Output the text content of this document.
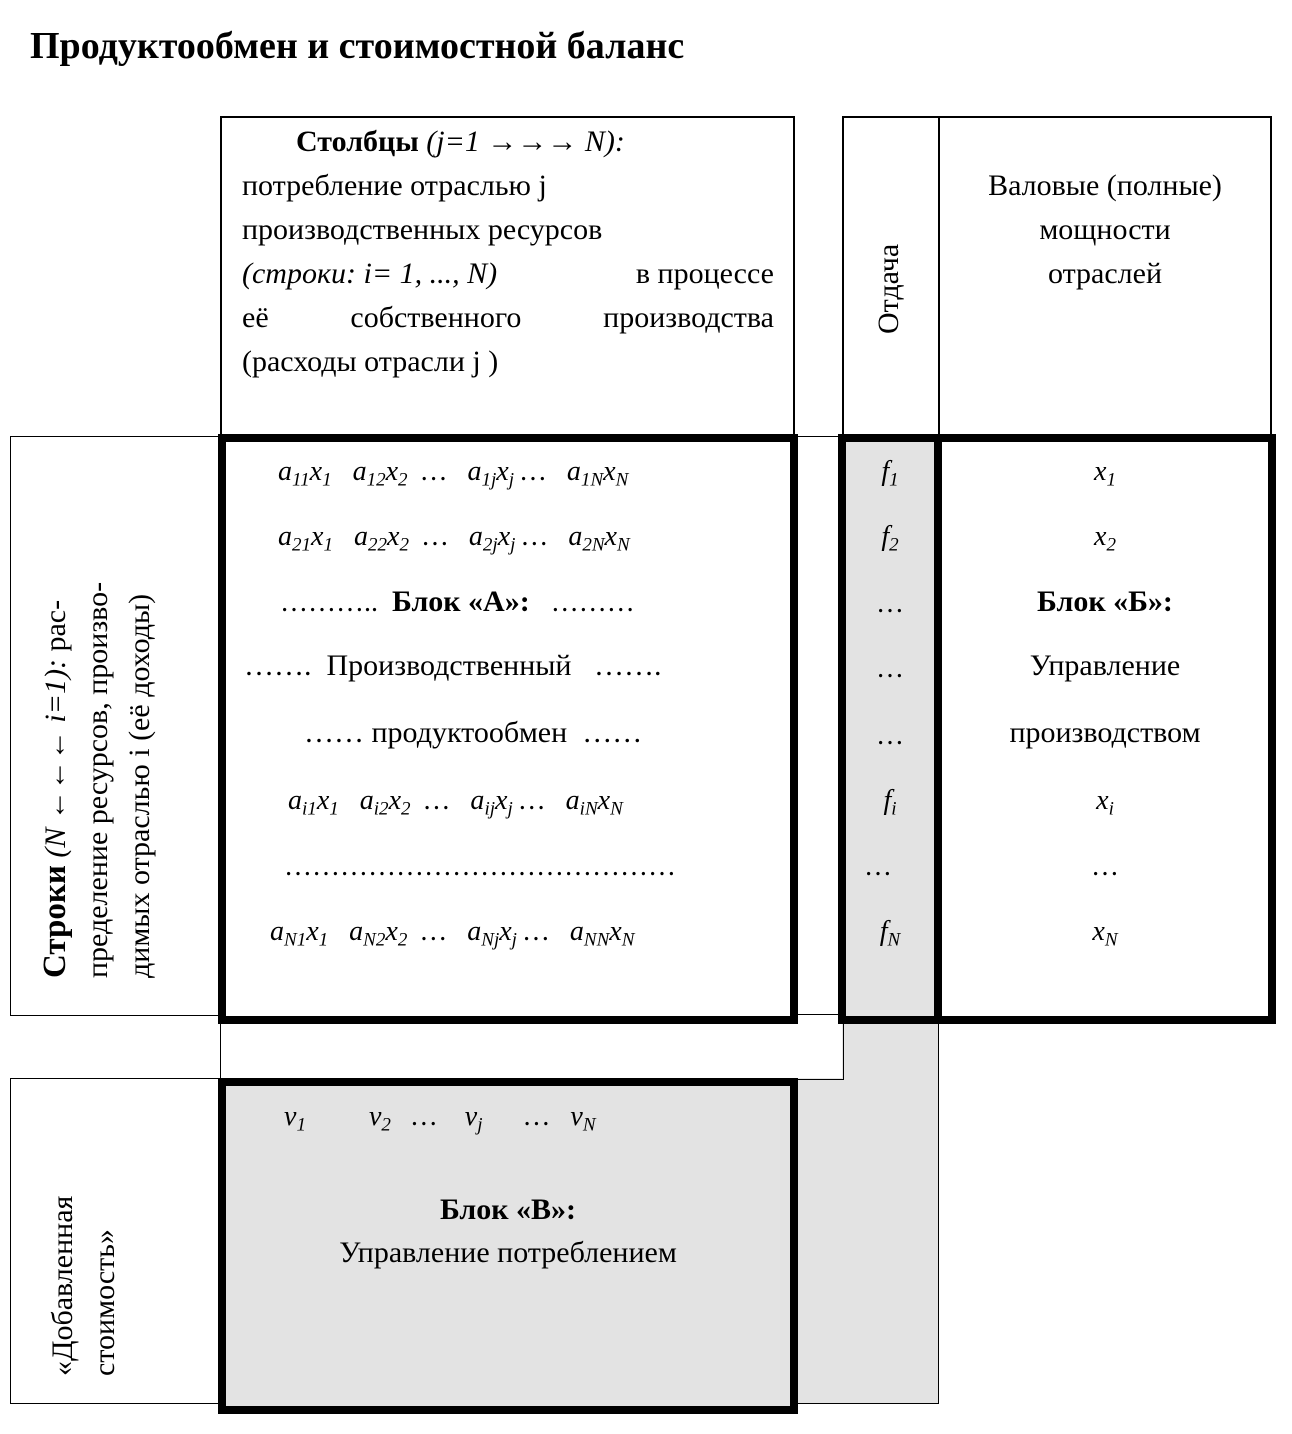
Продуктообмен и стоимостной баланс
Столбцы (j=1 →→→ N):
потребление отраслью j
производственных ресурсов
(строки: i= 1, ..., N)	в процессе
её собственного производства
(расходы отрасли j )
Отдача
Валовые (полные)
мощности
отраслей
Строки (N ←←← i=1): рас- пределение ресурсов, произво- димых отраслью i (её доходы)
«Добавленная стоимость»
$a_{11}x_1$   $a_{12}x_2$  …   $a_{1j}x_j$ …   $a_{1N}x_N$
$a_{21}x_1$   $a_{22}x_2$  …   $a_{2j}x_j$ …   $a_{2N}x_N$
……….. Блок «А»: ………
……. Производственный …….
…… продуктообмен ……
$a_{i1}x_1$   $a_{i2}x_2$  …   $a_{ij}x_j$ …   $a_{iN}x_N$
……………………………………
$a_{N1}x_1$   $a_{N2}x_2$  …   $a_{Nj}x_j$ …   $a_{NN}x_N$
$f_1$
$f_2$
…
…
…
$f_i$
…
$f_N$
$x_1$
$x_2$
Блок «Б»:
Управление
производством
$x_i$
…
$x_N$
$v_1$         $v_2$   …    $v_j$      …   $v_N$
Блок «В»:
Управление потреблением
